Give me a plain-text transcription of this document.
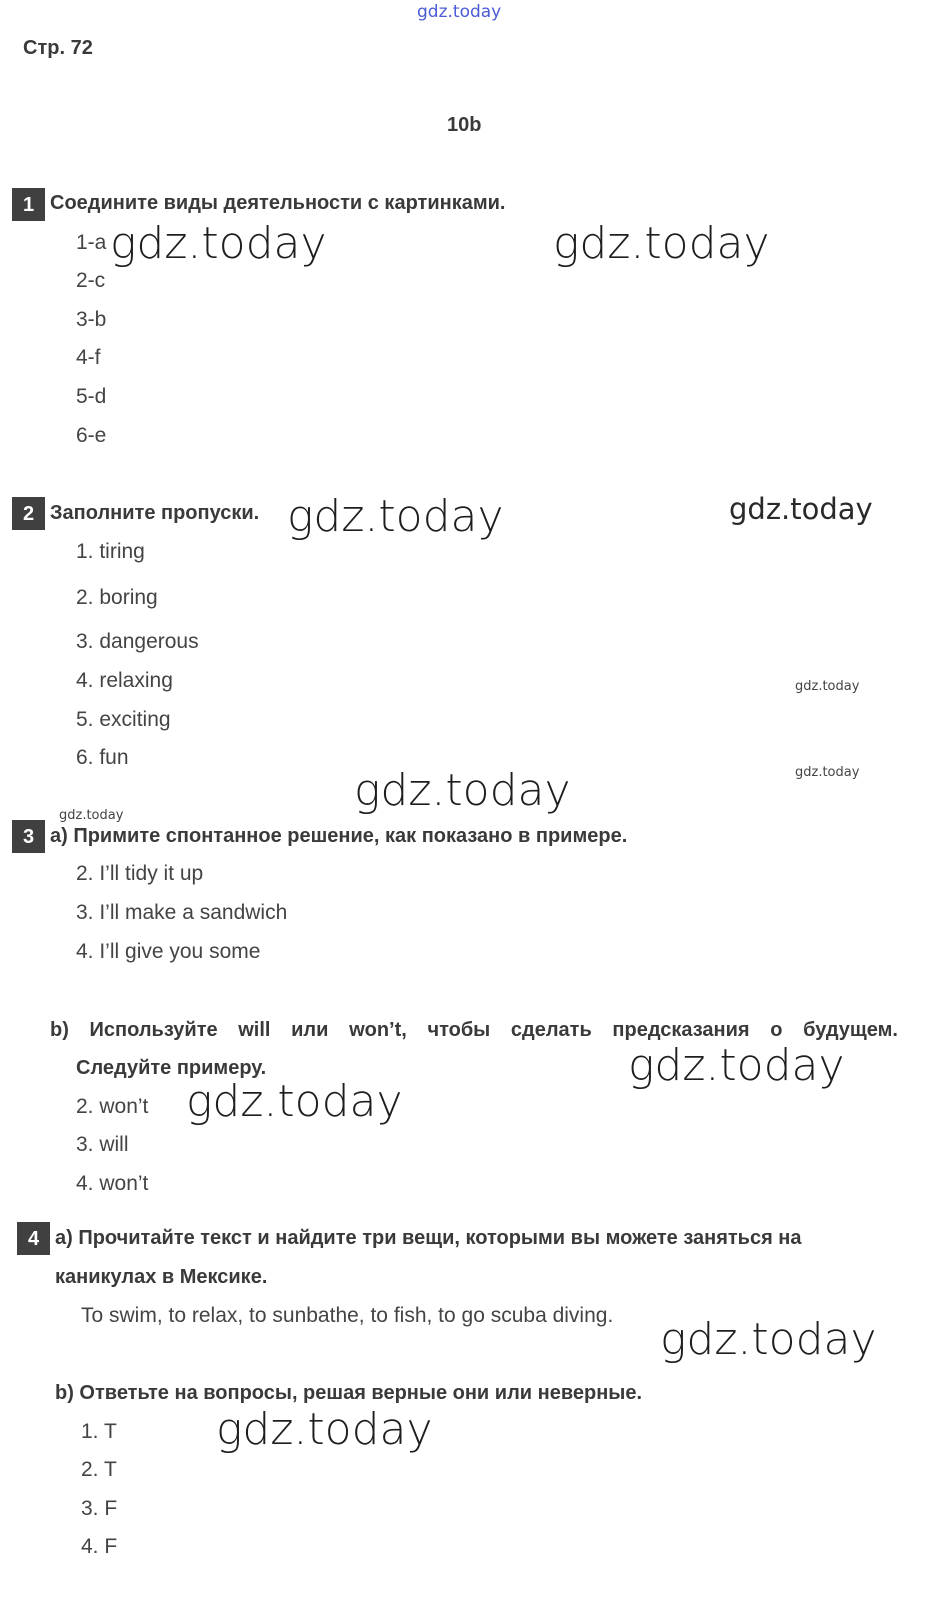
gdz.today
Стр. 72
10b
1 Соедините виды деятельности с картинками.
1-a
2-c
3-b
4-f
5-d
6-e
gdz.today	gdz.today
2 Заполните пропуски. gdz.today	gdz.today
1. tiring
2. boring
3. dangerous
4. relaxing
5. exciting
6. fun
gdz.today
gdz.today
gdz.today
gdz.today
3 a) Примите спонтанное решение, как показано в примере.
2. I’ll tidy it up
3. I’ll make a sandwich
4. I’ll give you some
b) Используйте will или won’t, чтобы сделать предсказания о будущем.
Следуйте примеру.	gdz.today
2. won’t
3. will
4. won’t
gdz.today
4 a) Прочитайте текст и найдите три вещи, которыми вы можете заняться на
каникулах в Мексике.
To swim, to relax, to sunbathe, to fish, to go scuba diving. gdz.today
b) Ответьте на вопросы, решая верные они или неверные.
1. T
2. T
3. F
4. F
gdz.today
